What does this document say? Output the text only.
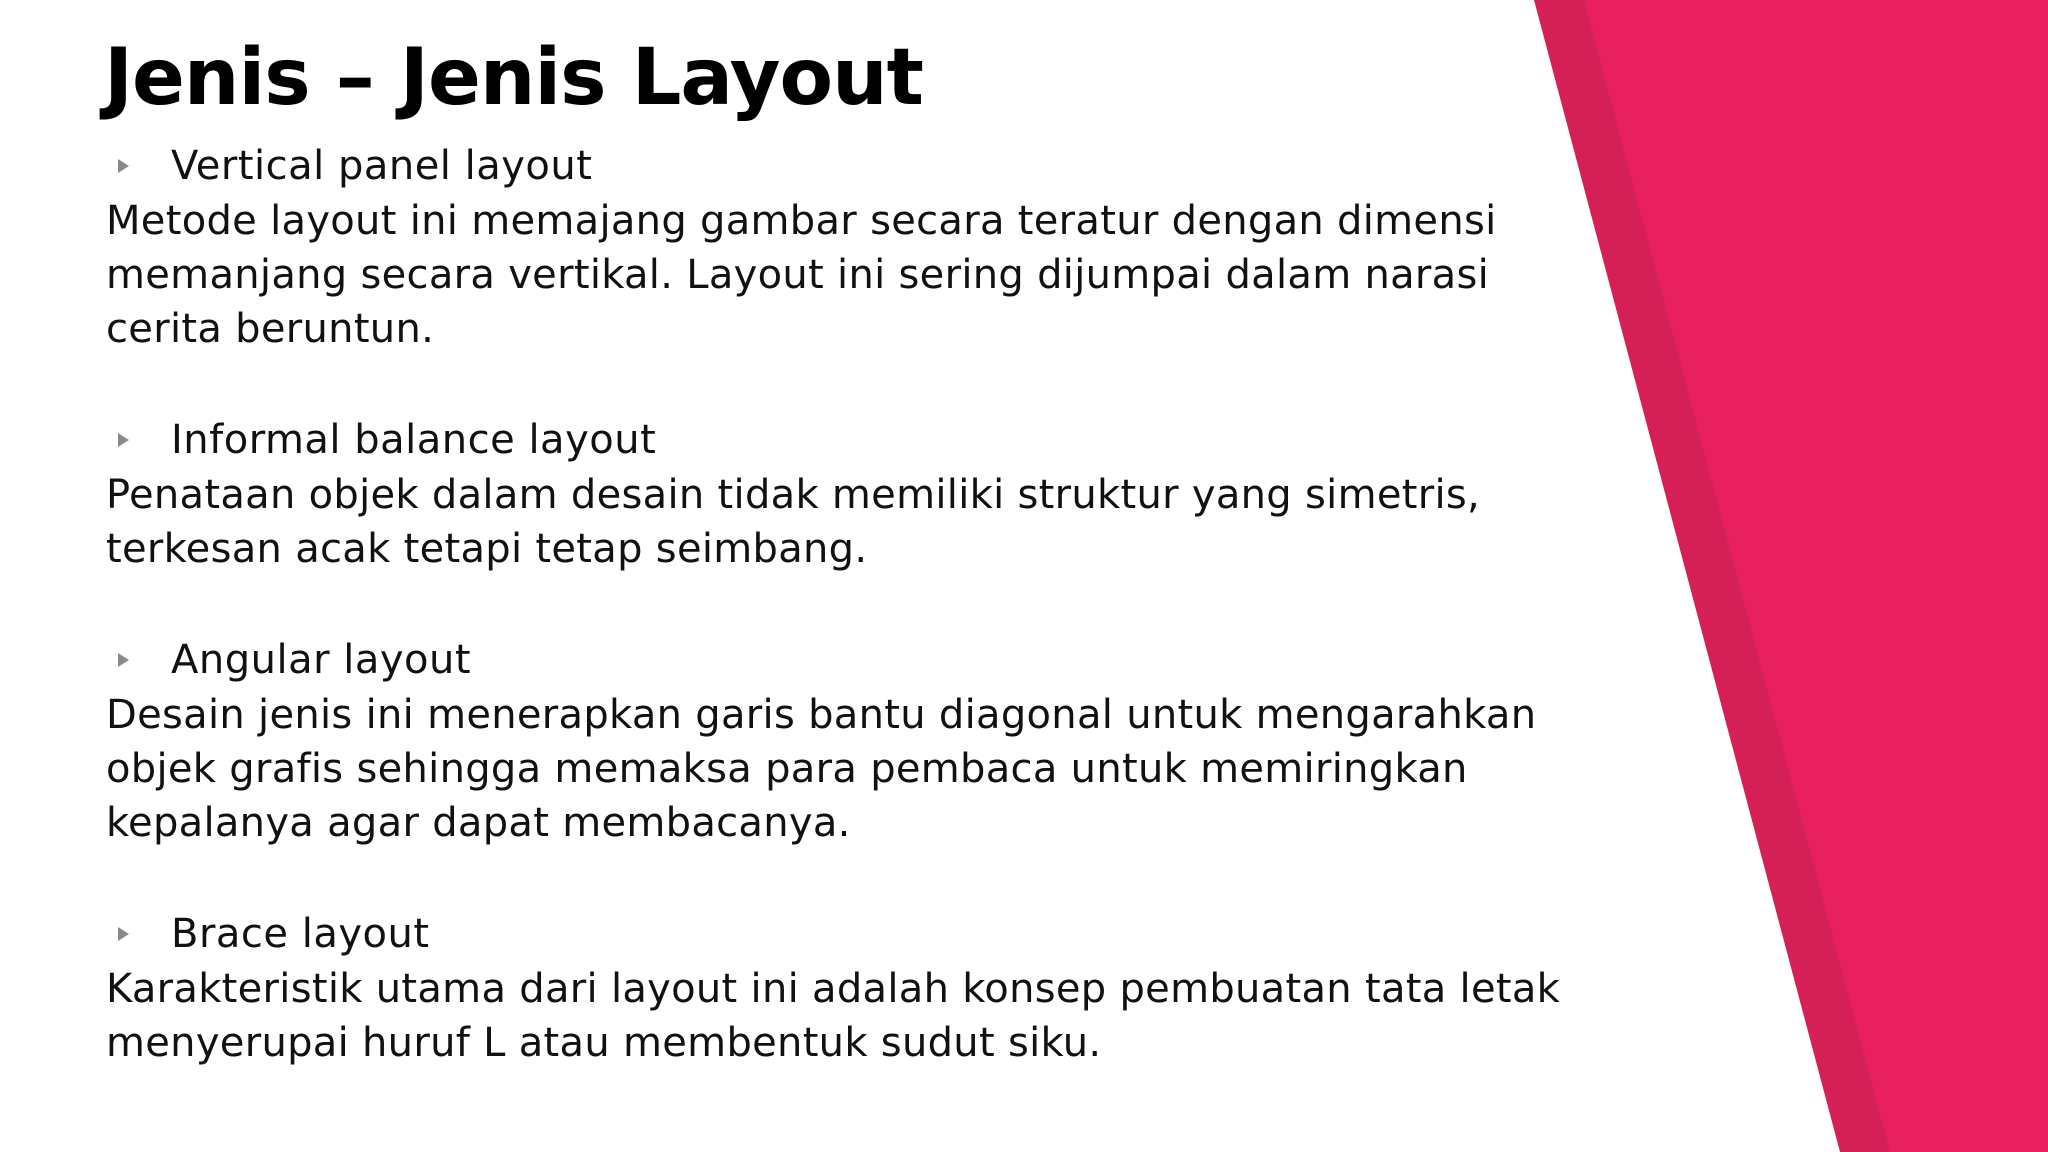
Jenis – Jenis Layout
Vertical panel layout

Metode layout ini memajang gambar secara teratur dengan dimensi
memanjang secara vertikal. Layout ini sering dijumpai dalam narasi
cerita beruntun.

Informal balance layout

Penataan objek dalam desain tidak memiliki struktur yang simetris,
terkesan acak tetapi tetap seimbang.

Angular layout

Desain jenis ini menerapkan garis bantu diagonal untuk mengarahkan
objek grafis sehingga memaksa para pembaca untuk memiringkan
kepalanya agar dapat membacanya.

Brace layout

Karakteristik utama dari layout ini adalah konsep pembuatan tata letak
menyerupai huruf L atau membentuk sudut siku.
